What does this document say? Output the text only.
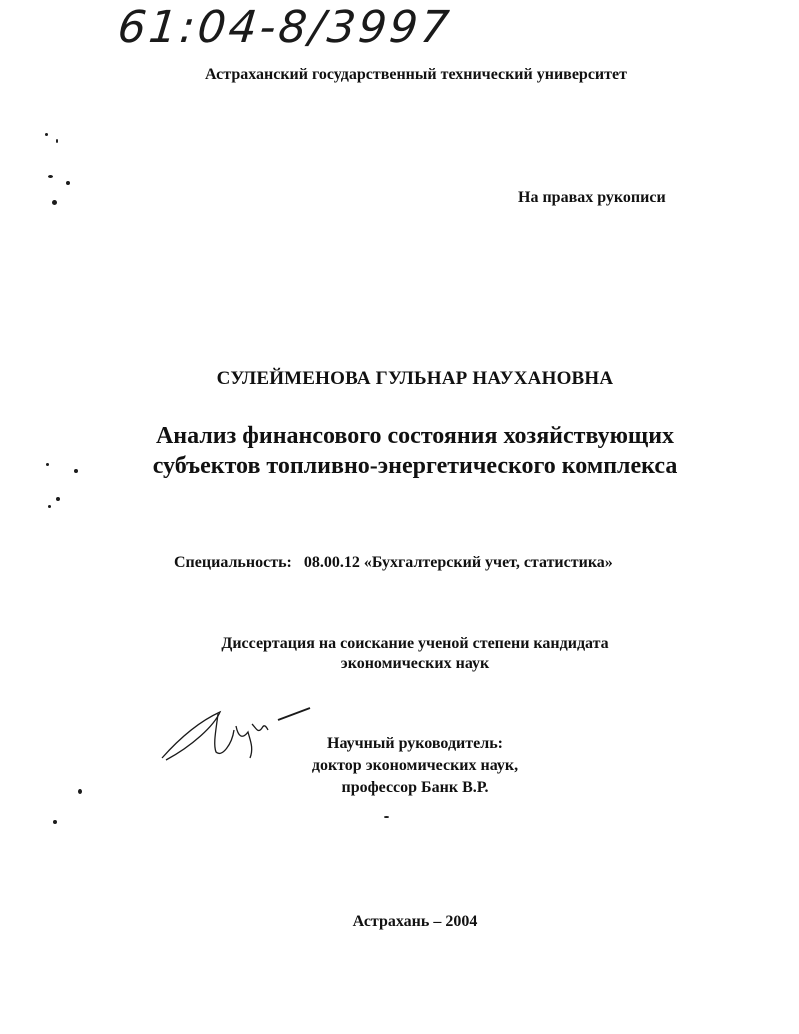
61:04-8/3997
Астраханский государственный технический университет
На правах рукописи
СУЛЕЙМЕНОВА ГУЛЬНАР НАУХАНОВНА
Анализ финансового состояния хозяйствующих
субъектов топливно-энергетического комплекса
Специальность: 08.00.12 «Бухгалтерский учет, статистика»
Диссертация на соискание ученой степени кандидата
экономических наук
Научный руководитель:
доктор экономических наук,
профессор Банк В.Р.
Астрахань – 2004
